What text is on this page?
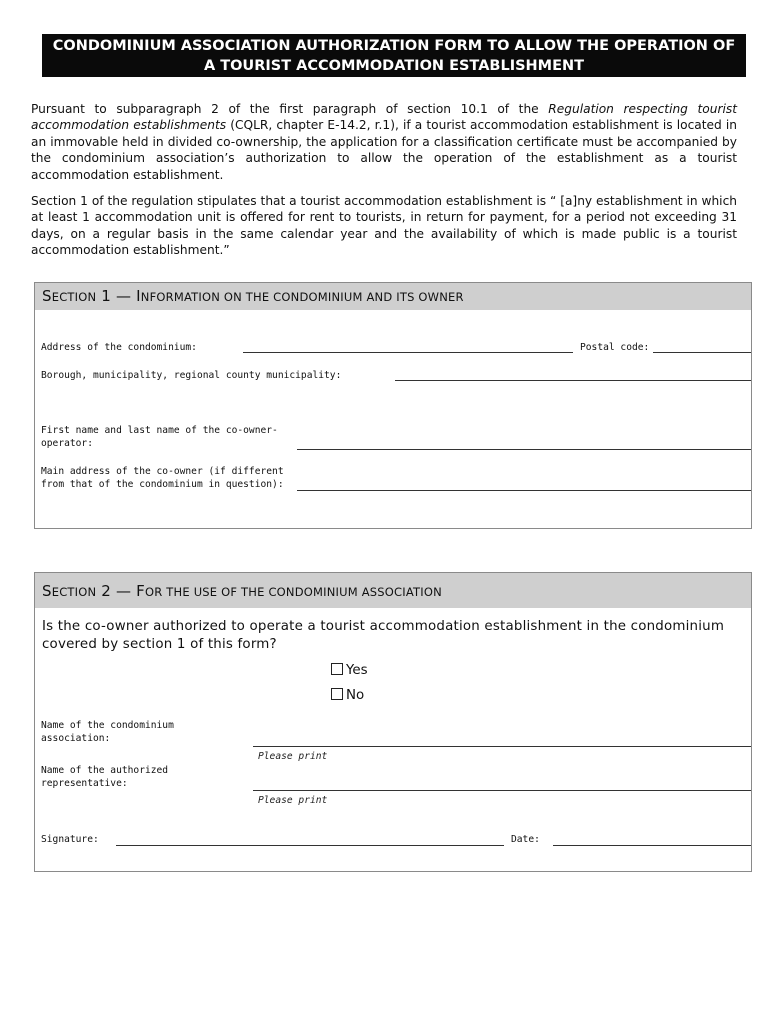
CONDOMINIUM ASSOCIATION AUTHORIZATION FORM TO ALLOW THE OPERATION OF
A TOURIST ACCOMMODATION ESTABLISHMENT
Pursuant to subparagraph 2 of the first paragraph of section 10.1 of the Regulation respecting tourist accommodation establishments (CQLR, chapter E-14.2, r.1), if a tourist accommodation establishment is located in an immovable held in divided co-ownership, the application for a classification certificate must be accompanied by the condominium association’s authorization to allow the operation of the establishment as a tourist accommodation establishment.
Section 1 of the regulation stipulates that a tourist accommodation establishment is “ [a]ny establishment in which at least 1 accommodation unit is offered for rent to tourists, in return for payment, for a period not exceeding 31 days, on a regular basis in the same calendar year and the availability of which is made public is a tourist accommodation establishment.”
SECTION 1 — INFORMATION ON THE CONDOMINIUM AND ITS OWNER
Address of the condominium:	Postal code:
Borough, municipality, regional county municipality:
First name and last name of the co-owner-
operator:
Main address of the co-owner (if different
from that of the condominium in question):
SECTION 2 — FOR THE USE OF THE CONDOMINIUM ASSOCIATION
Is the co-owner authorized to operate a tourist accommodation establishment in the condominium
covered by section 1 of this form?
Yes
No
Name of the condominium
association:
Please print
Name of the authorized
representative:
Please print
Signature:	Date:
